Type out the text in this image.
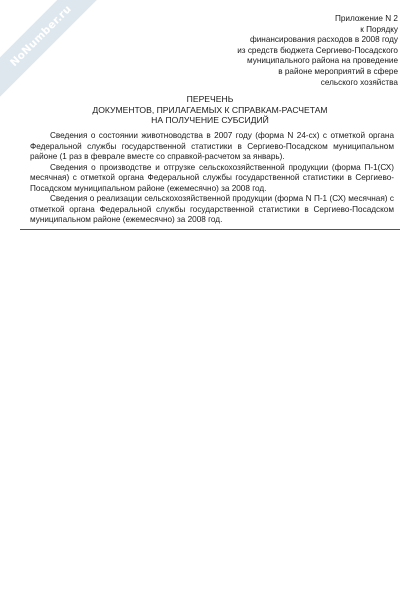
NoNumber.ru	Приложение N 2
к Порядку
финансирования расходов в 2008 году
из средств бюджета Сергиево-Посадского
муниципального района на проведение
в районе мероприятий в сфере
сельского хозяйства
ПЕРЕЧЕНЬ
ДОКУМЕНТОВ, ПРИЛАГАЕМЫХ К СПРАВКАМ-РАСЧЕТАМ
НА ПОЛУЧЕНИЕ СУБСИДИЙ

Сведения о состоянии животноводства в 2007 году (форма N 24-сх) с отметкой органа Федеральной службы государственной статистики в Сергиево-Посадском муниципальном районе (1 раз в феврале вместе со справкой-расчетом за январь).

Сведения о производстве и отгрузке сельскохозяйственной продукции (форма П-1(СХ) месячная) с отметкой органа Федеральной службы государственной статистики в Сергиево-Посадском муниципальном районе (ежемесячно) за 2008 год.

Сведения о реализации сельскохозяйственной продукции (форма N П-1 (СХ) месячная) с отметкой органа Федеральной службы государственной статистики в Сергиево-Посадском муниципальном районе (ежемесячно) за 2008 год.
